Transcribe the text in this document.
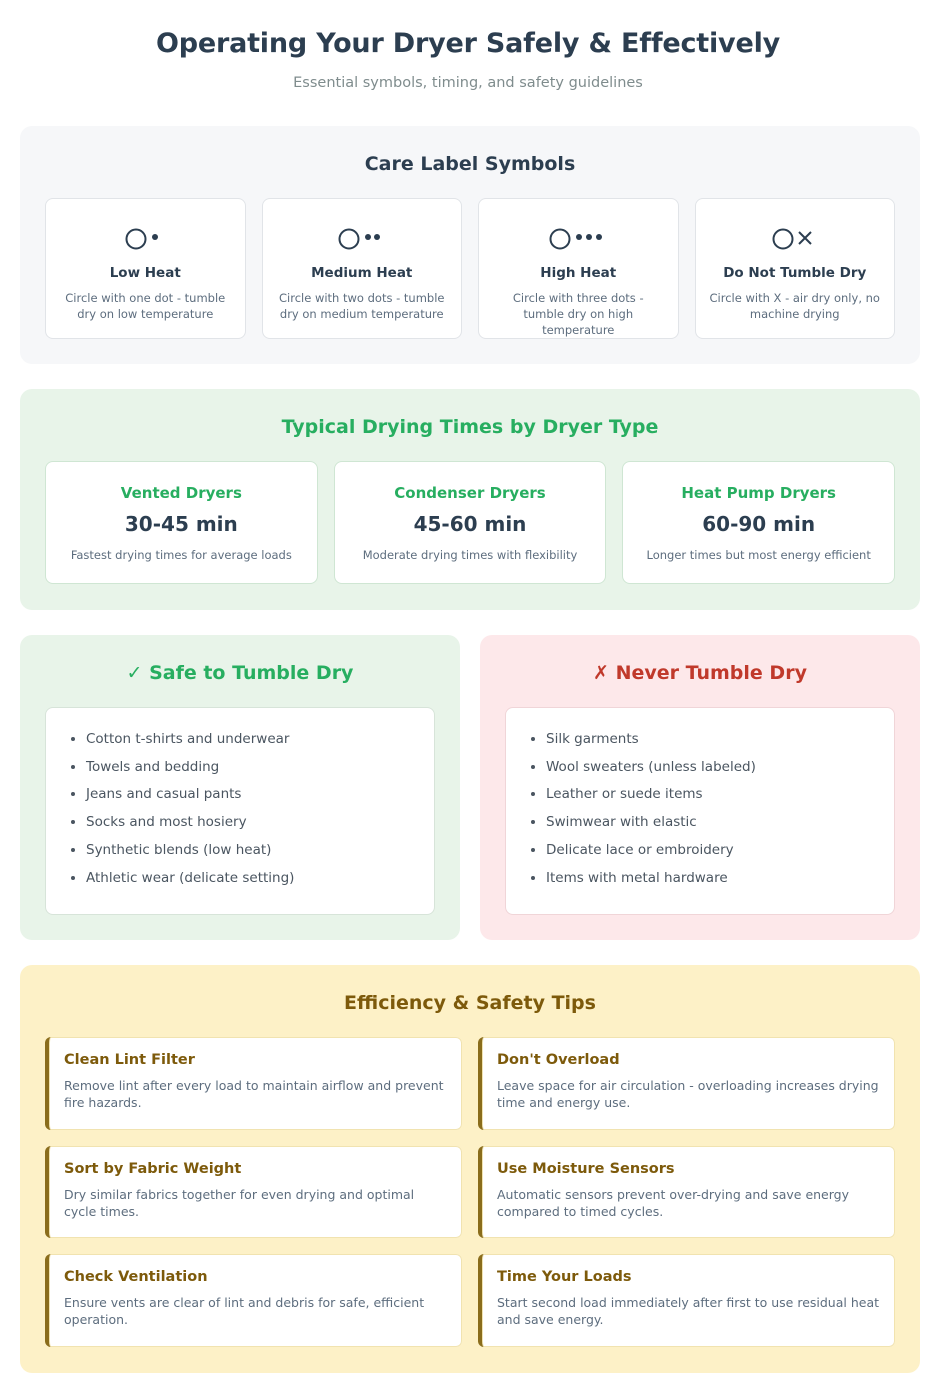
Operating Your Dryer Safely & Effectively
Essential symbols, timing, and safety guidelines
Care Label Symbols
Low Heat
Circle with one dot - tumble dry on low temperature
Medium Heat
Circle with two dots - tumble dry on medium temperature
High Heat
Circle with three dots - tumble dry on high temperature
Do Not Tumble Dry
Circle with X - air dry only, no machine drying
Typical Drying Times by Dryer Type
Vented Dryers
30-45 min
Fastest drying times for average loads
Condenser Dryers
45-60 min
Moderate drying times with flexibility
Heat Pump Dryers
60-90 min
Longer times but most energy efficient
✓ Safe to Tumble Dry
• Cotton t-shirts and underwear
• Towels and bedding
• Jeans and casual pants
• Socks and most hosiery
• Synthetic blends (low heat)
• Athletic wear (delicate setting)
✗ Never Tumble Dry
• Silk garments
• Wool sweaters (unless labeled)
• Leather or suede items
• Swimwear with elastic
• Delicate lace or embroidery
• Items with metal hardware
Efficiency & Safety Tips
Clean Lint Filter
Remove lint after every load to maintain airflow and prevent fire hazards.
Don't Overload
Leave space for air circulation - overloading increases drying time and energy use.
Sort by Fabric Weight
Dry similar fabrics together for even drying and optimal cycle times.
Use Moisture Sensors
Automatic sensors prevent over-drying and save energy compared to timed cycles.
Check Ventilation
Ensure vents are clear of lint and debris for safe, efficient operation.
Time Your Loads
Start second load immediately after first to use residual heat and save energy.
